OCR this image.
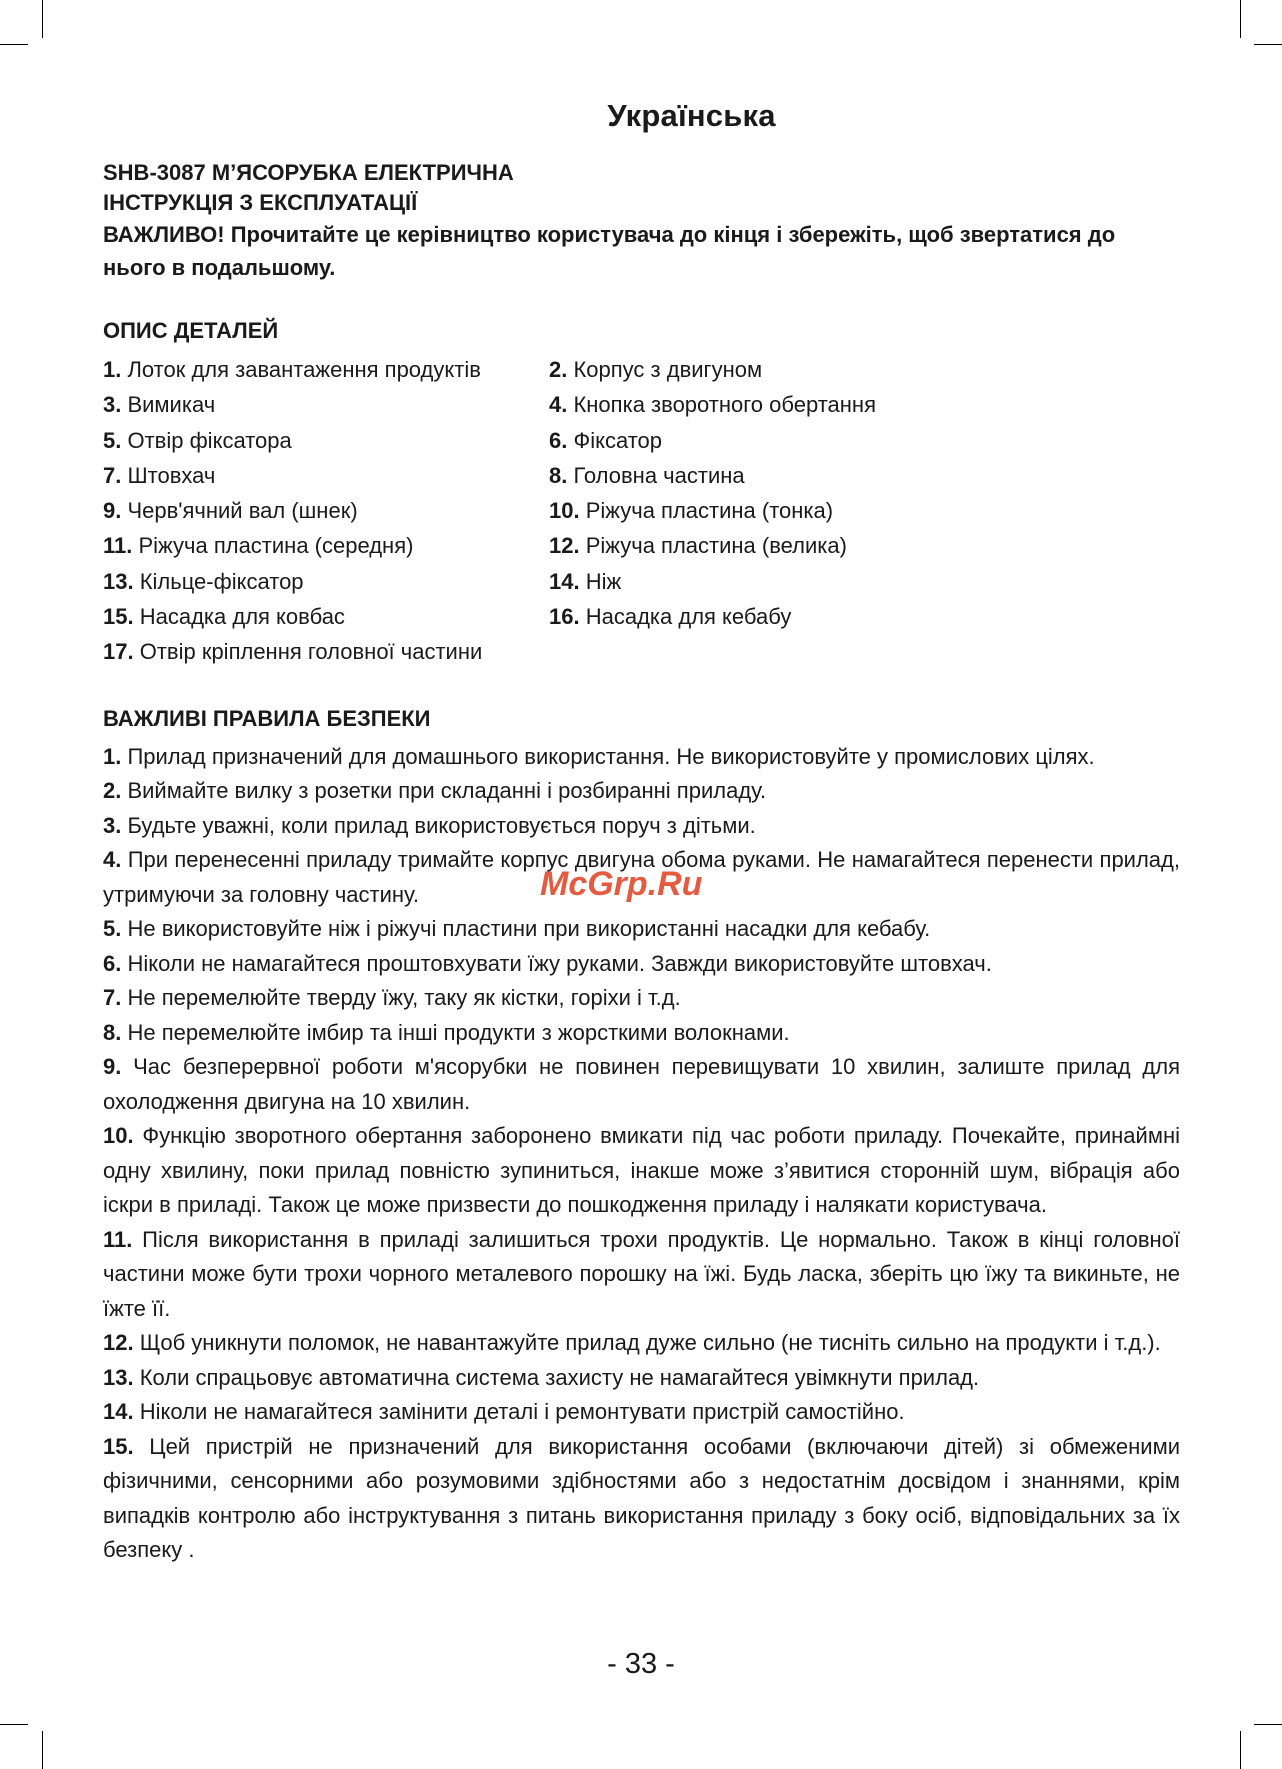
Українська
SHB-3087 М’ЯСОРУБКА ЕЛЕКТРИЧНА
ІНСТРУКЦІЯ З ЕКСПЛУАТАЦІЇ
ВАЖЛИВО! Прочитайте це керівництво користувача до кінця і збережіть, щоб звертатися до нього в подальшому.
ОПИС ДЕТАЛЕЙ
1. Лоток для завантаження продуктів	2. Корпус з двигуном
3. Вимикач	4. Кнопка зворотного обертання
5. Отвір фіксатора	6. Фіксатор
7. Штовхач	8. Головна частина
9. Черв'ячний вал (шнек)	10. Ріжуча пластина (тонка)
11. Ріжуча пластина (середня)	12. Ріжуча пластина (велика)
13. Кільце-фіксатор	14. Ніж
15. Насадка для ковбас	16. Насадка для кебабу
17. Отвір кріплення головної частини
ВАЖЛИВІ ПРАВИЛА БЕЗПЕКИ

1. Прилад призначений для домашнього використання. Не використовуйте у промислових цілях.

2. Виймайте вилку з розетки при складанні і розбиранні приладу.

3. Будьте уважні, коли прилад використовується поруч з дітьми.

4. При перенесенні приладу тримайте корпус двигуна обома руками. Не намагайтеся перенести прилад, утримуючи за головну частину.

5. Не використовуйте ніж і ріжучі пластини при використанні насадки для кебабу.

6. Ніколи не намагайтеся проштовхувати їжу руками. Завжди використовуйте штовхач.

7. Не перемелюйте тверду їжу, таку як кістки, горіхи і т.д.

8. Не перемелюйте імбир та інші продукти з жорсткими волокнами.

9. Час безперервної роботи м'ясорубки не повинен перевищувати 10 хвилин, залиште прилад для охолодження двигуна на 10 хвилин.

10. Функцію зворотного обертання заборонено вмикати під час роботи приладу. Почекайте, принаймні одну хвилину, поки прилад повністю зупиниться, інакше може з’явитися сторонній шум, вібрація або іскри в приладі. Також це може призвести до пошкодження приладу і налякати користувача.

11. Після використання в приладі залишиться трохи продуктів. Це нормально. Також в кінці головної частини може бути трохи чорного металевого порошку на їжі. Будь ласка, зберіть цю їжу та викиньте, не їжте її.

12. Щоб уникнути поломок, не навантажуйте прилад дуже сильно (не тисніть сильно на продукти і т.д.).

13. Коли спрацьовує автоматична система захисту не намагайтеся увімкнути прилад.

14. Ніколи не намагайтеся замінити деталі і ремонтувати пристрій самостійно.

15. Цей пристрій не призначений для використання особами (включаючи дітей) зі обмеженими фізичними, сенсорними або розумовими здібностями або з недостатнім досвідом і знаннями, крім випадків контролю або інструктування з питань використання приладу з боку осіб, відповідальних за їх безпеку .

McGrp.Ru
- 33 -
